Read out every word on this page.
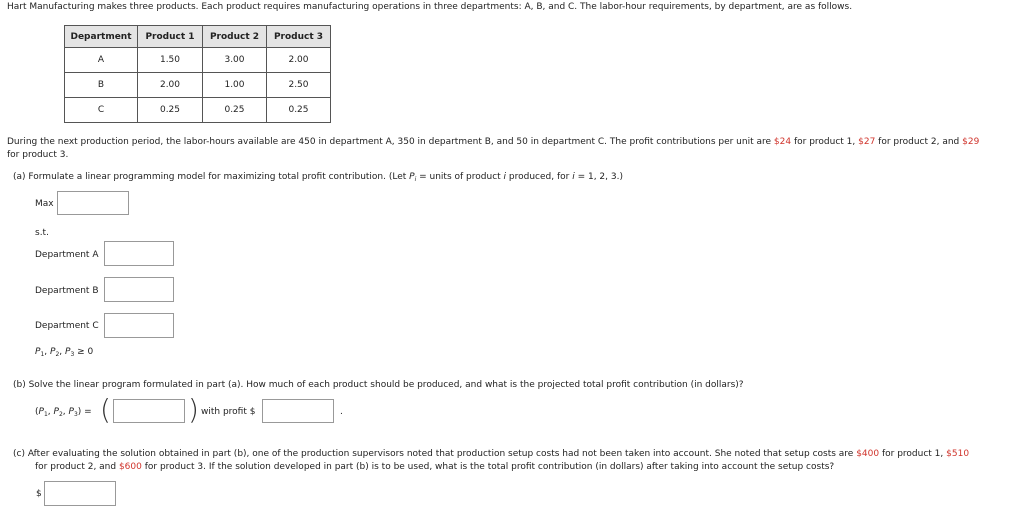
Hart Manufacturing makes three products. Each product requires manufacturing operations in three departments: A, B, and C. The labor-hour requirements, by department, are as follows.
Department	Product 1	Product 2	Product 3
A	1.50	3.00	2.00
B	2.00	1.00	2.50
C	0.25	0.25	0.25
During the next production period, the labor-hours available are 450 in department A, 350 in department B, and 50 in department C. The profit contributions per unit are $24 for product 1, $27 for product 2, and $29
for product 3.
(a) Formulate a linear programming model for maximizing total profit contribution. (Let $P_i$ = units of product i produced, for i = 1, 2, 3.)
Max
s.t.
Department A
Department B
Department C
$P_1$, $P_2$, $P_3 \ge 0$
(b) Solve the linear program formulated in part (a). How much of each product should be produced, and what is the projected total profit contribution (in dollars)?
($P_1$, $P_2$, $P_3$) = (	) with profit $	.
(c) After evaluating the solution obtained in part (b), one of the production supervisors noted that production setup costs had not been taken into account. She noted that setup costs are $400 for product 1, $510
for product 2, and $600 for product 3. If the solution developed in part (b) is to be used, what is the total profit contribution (in dollars) after taking into account the setup costs?
$
